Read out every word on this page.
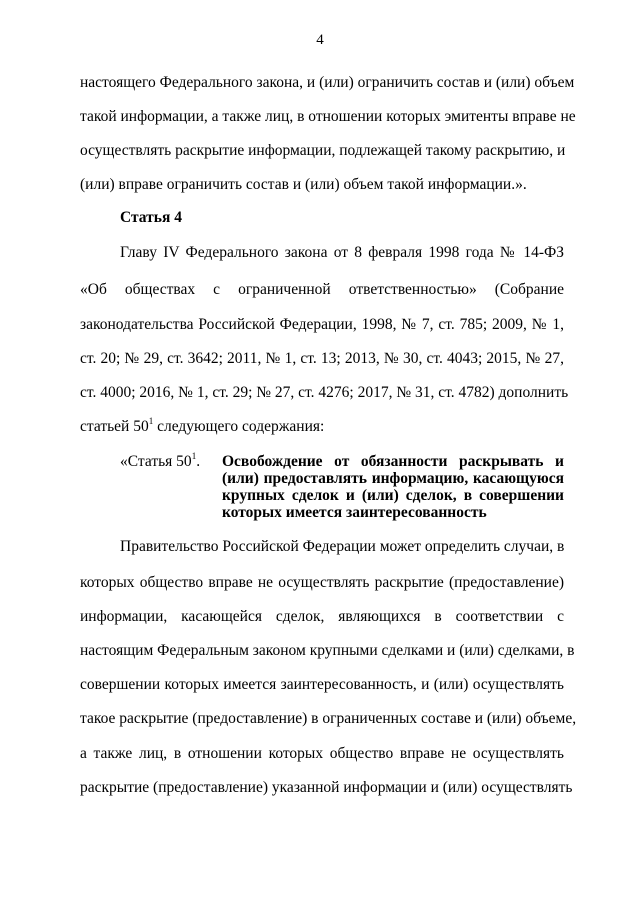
4
настоящего Федерального закона, и (или) ограничить состав и (или) объем
такой информации, а также лиц, в отношении которых эмитенты вправе не
осуществлять раскрытие информации, подлежащей такому раскрытию, и
(или) вправе ограничить состав и (или) объем такой информации.».
Статья 4
Главу IV Федерального закона от 8 февраля 1998 года № 14-ФЗ
«Об обществах с ограниченной ответственностью» (Собрание
законодательства Российской Федерации, 1998, № 7, ст. 785; 2009, № 1,
ст. 20; № 29, ст. 3642; 2011, № 1, ст. 13; 2013, № 30, ст. 4043; 2015, № 27,
ст. 4000; 2016, № 1, ст. 29; № 27, ст. 4276; 2017, № 31, ст. 4782) дополнить
статьей $50^1$ следующего содержания:
«Статья $50^1$. Освобождение от обязанности раскрывать и
(или) предоставлять информацию, касающуюся
крупных сделок и (или) сделок, в совершении
которых имеется заинтересованность
Правительство Российской Федерации может определить случаи, в
которых общество вправе не осуществлять раскрытие (предоставление)
информации, касающейся сделок, являющихся в соответствии с
настоящим Федеральным законом крупными сделками и (или) сделками, в
совершении которых имеется заинтересованность, и (или) осуществлять
такое раскрытие (предоставление) в ограниченных составе и (или) объеме,
а также лиц, в отношении которых общество вправе не осуществлять
раскрытие (предоставление) указанной информации и (или) осуществлять
